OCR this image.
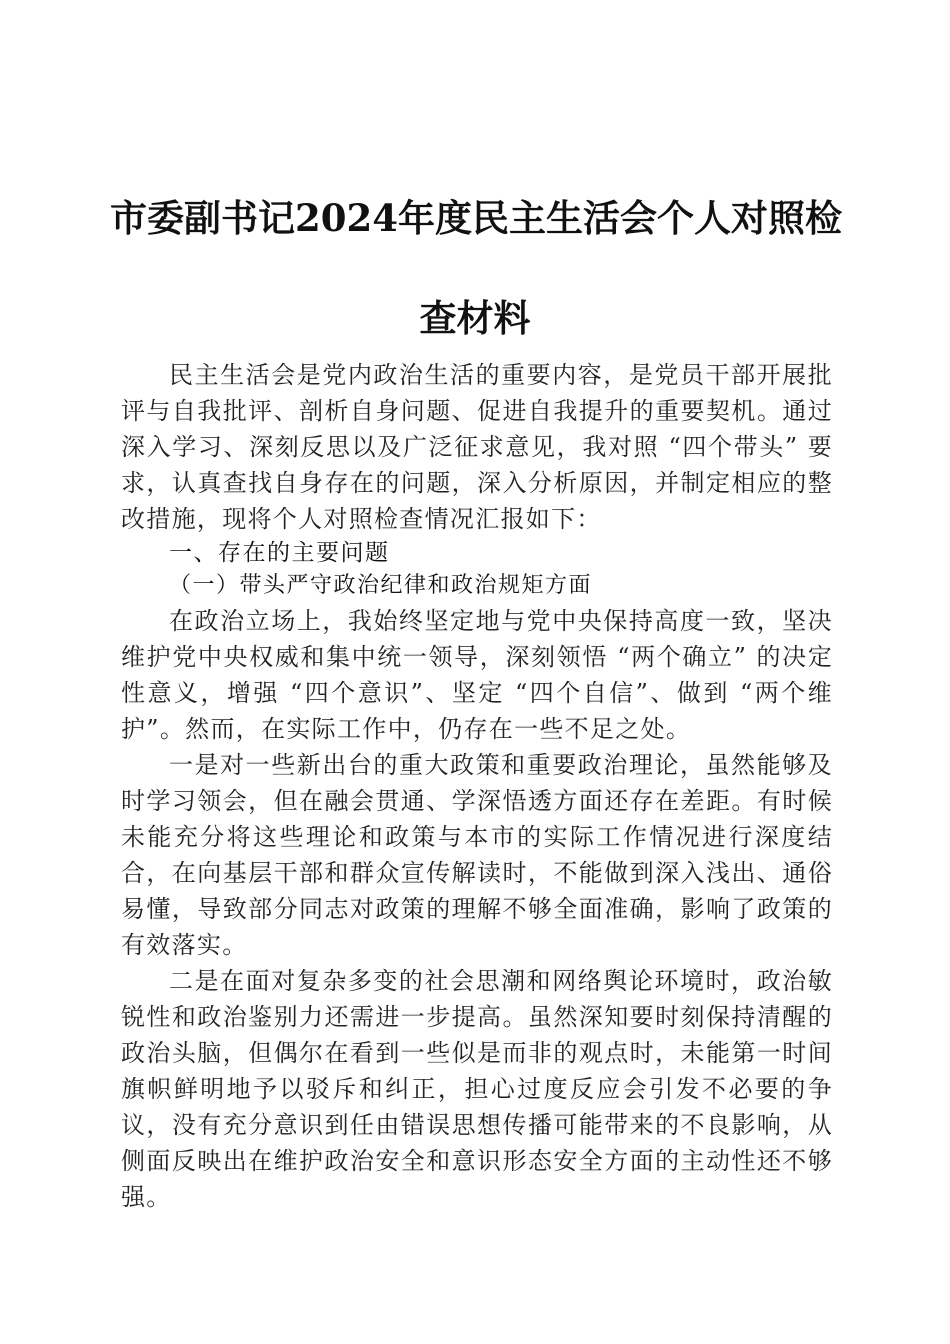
市委副书记2024年度民主生活会个人对照检
查材料

民主生活会是党内政治生活的重要内容，是党员干部开展批评与自我批评、剖析自身问题、促进自我提升的重要契机。通过深入学习、深刻反思以及广泛征求意见，我对照 “四个带头” 要求，认真查找自身存在的问题，深入分析原因，并制定相应的整改措施，现将个人对照检查情况汇报如下：

一、存在的主要问题
（一）带头严守政治纪律和政治规矩方面

在政治立场上，我始终坚定地与党中央保持高度一致，坚决维护党中央权威和集中统一领导，深刻领悟 “两个确立” 的决定性意义，增强 “四个意识”、坚定 “四个自信”、做到 “两个维护”。然而，在实际工作中，仍存在一些不足之处。

一是对一些新出台的重大政策和重要政治理论，虽然能够及时学习领会，但在融会贯通、学深悟透方面还存在差距。有时候未能充分将这些理论和政策与本市的实际工作情况进行深度结合，在向基层干部和群众宣传解读时，不能做到深入浅出、通俗易懂，导致部分同志对政策的理解不够全面准确，影响了政策的有效落实。

二是在面对复杂多变的社会思潮和网络舆论环境时，政治敏锐性和政治鉴别力还需进一步提高。虽然深知要时刻保持清醒的政治头脑，但偶尔在看到一些似是而非的观点时，未能第一时间旗帜鲜明地予以驳斥和纠正，担心过度反应会引发不必要的争议，没有充分意识到任由错误思想传播可能带来的不良影响，从侧面反映出在维护政治安全和意识形态安全方面的主动性还不够强。
